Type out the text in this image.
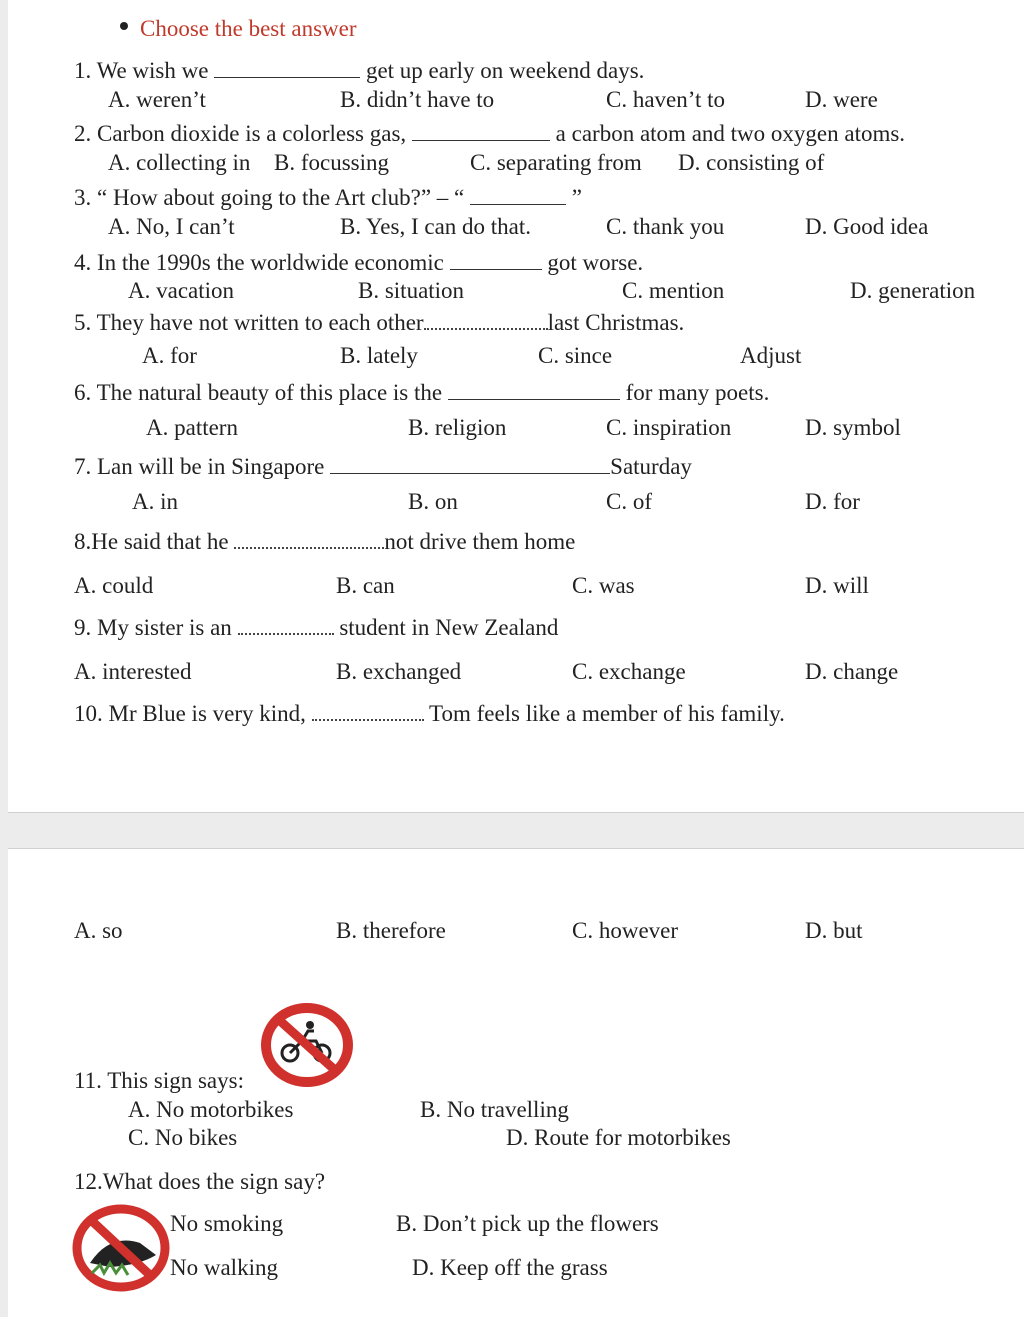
Choose the best answer
1. We wish we	get up early on weekend days.
A. weren’t	B. didn’t have to	C. haven’t to	D. were
2. Carbon dioxide is a colorless gas,	a carbon atom and two oxygen atoms.
A. collecting in B. focussing	C. separating from D. consisting of
3. “ How about going to the Art club?” – “	”
A. No, I can’t	B. Yes, I can do that.	C. thank you	D. Good idea
4. In the 1990s the worldwide economic	got worse.
A. vacation	B. situation	C. mention	D. generation
5. They have not written to each other	last Christmas.
A. for	B. lately	C. since	Adjust
6. The natural beauty of this place is the	for many poets.
A. pattern	B. religion	C. inspiration	D. symbol
7. Lan will be in Singapore	Saturday
A. in	B. on	C. of	D. for
8.He said that he	not drive them home
A. could	B. can	C. was	D. will
9. My sister is an	student in New Zealand
A. interested	B. exchanged	C. exchange	D. change
10. Mr Blue is very kind,	Tom feels like a member of his family.
A. so	B. therefore	C. however	D. but
11. This sign says:
A. No motorbikes	B. No travelling
C. No bikes	D. Route for motorbikes
12.What does the sign say?
No smoking	B. Don’t pick up the flowers
No walking	D. Keep off the grass
